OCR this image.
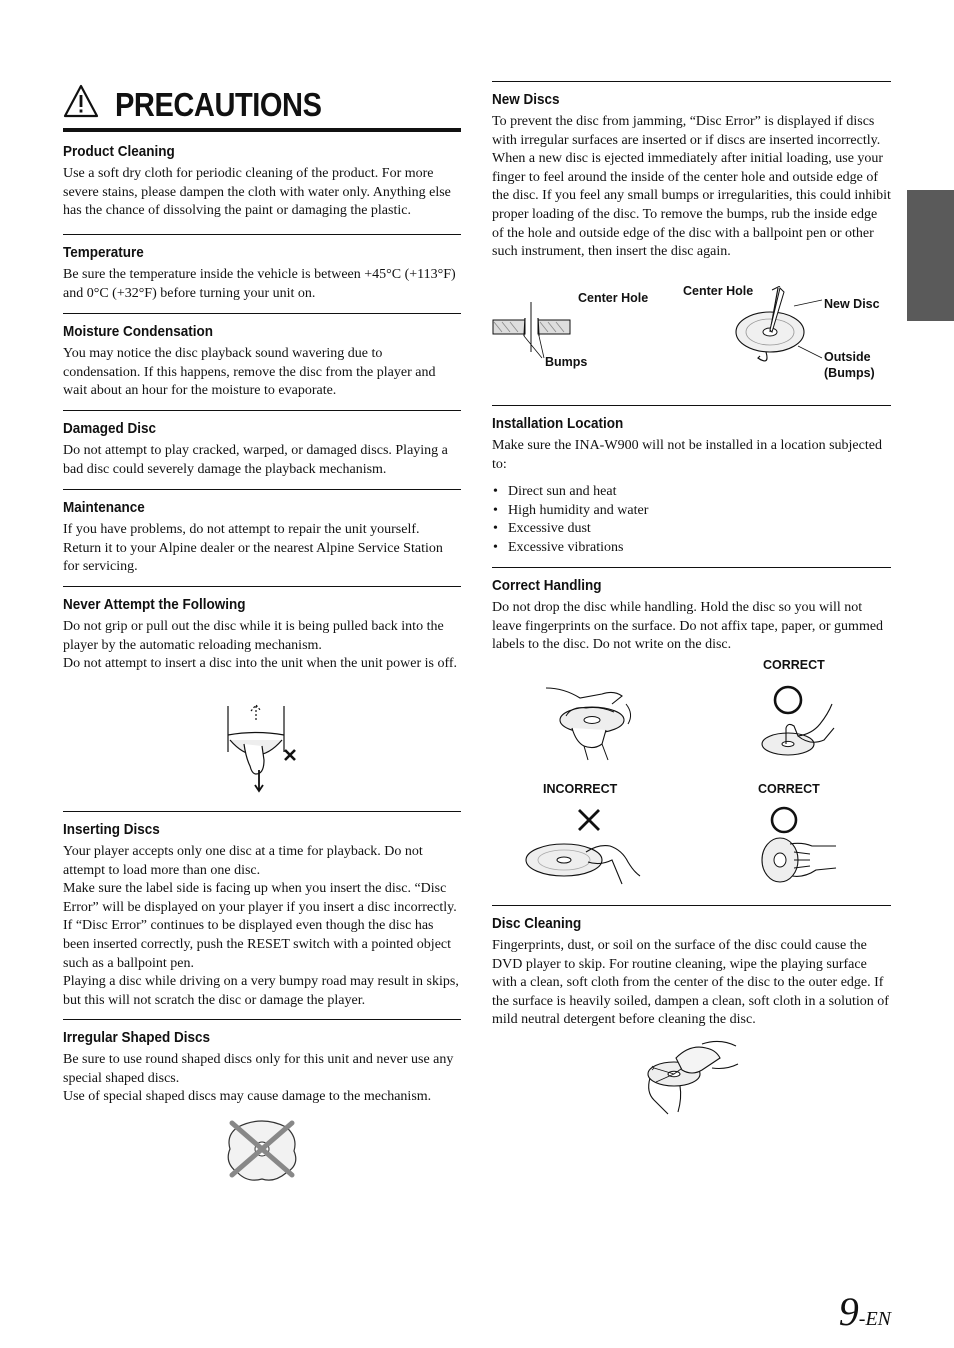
PRECAUTIONS
Product Cleaning

Use a soft dry cloth for periodic cleaning of the product. For more severe stains, please dampen the cloth with water only. Anything else has the chance of dissolving the paint or damaging the plastic.

Temperature

Be sure the temperature inside the vehicle is between +45°C (+113°F) and 0°C (+32°F) before turning your unit on.

Moisture Condensation

You may notice the disc playback sound wavering due to condensation. If this happens, remove the disc from the player and wait about an hour for the moisture to evaporate.

Damaged Disc

Do not attempt to play cracked, warped, or damaged discs. Playing a bad disc could severely damage the playback mechanism.

Maintenance

If you have problems, do not attempt to repair the unit yourself. Return it to your Alpine dealer or the nearest Alpine Service Station for servicing.

Never Attempt the Following

Do not grip or pull out the disc while it is being pulled back into the player by the automatic reloading mechanism.

Do not attempt to insert a disc into the unit when the unit power is off.

Inserting Discs

Your player accepts only one disc at a time for playback. Do not attempt to load more than one disc.

Make sure the label side is facing up when you insert the disc. “Disc Error” will be displayed on your player if you insert a disc incorrectly. If “Disc Error” continues to be displayed even though the disc has been inserted correctly, push the RESET switch with a pointed object such as a ballpoint pen.

Playing a disc while driving on a very bumpy road may result in skips, but this will not scratch the disc or damage the player.

Irregular Shaped Discs

Be sure to use round shaped discs only for this unit and never use any special shaped discs.

Use of special shaped discs may cause damage to the mechanism.

New Discs

To prevent the disc from jamming, “Disc Error” is displayed if discs with irregular surfaces are inserted or if discs are inserted incorrectly. When a new disc is ejected immediately after initial loading, use your finger to feel around the inside of the center hole and outside edge of the disc. If you feel any small bumps or irregularities, this could inhibit proper loading of the disc. To remove the bumps, rub the inside edge of the hole and outside edge of the disc with a ballpoint pen or other such instrument, then insert the disc again.

Center Hole
Bumps
Center Hole
New Disc
Outside
(Bumps)
Installation Location

Make sure the INA-W900 will not be installed in a location subjected to:

• Direct sun and heat
• High humidity and water
• Excessive dust
• Excessive vibrations
Correct Handling

Do not drop the disc while handling. Hold the disc so you will not leave fingerprints on the surface. Do not affix tape, paper, or gummed labels to the disc. Do not write on the disc.

CORRECT
INCORRECT	CORRECT
Disc Cleaning

Fingerprints, dust, or soil on the surface of the disc could cause the DVD player to skip. For routine cleaning, wipe the playing surface with a clean, soft cloth from the center of the disc to the outer edge. If the surface is heavily soiled, dampen a clean, soft cloth in a solution of mild neutral detergent before cleaning the disc.

9-EN
